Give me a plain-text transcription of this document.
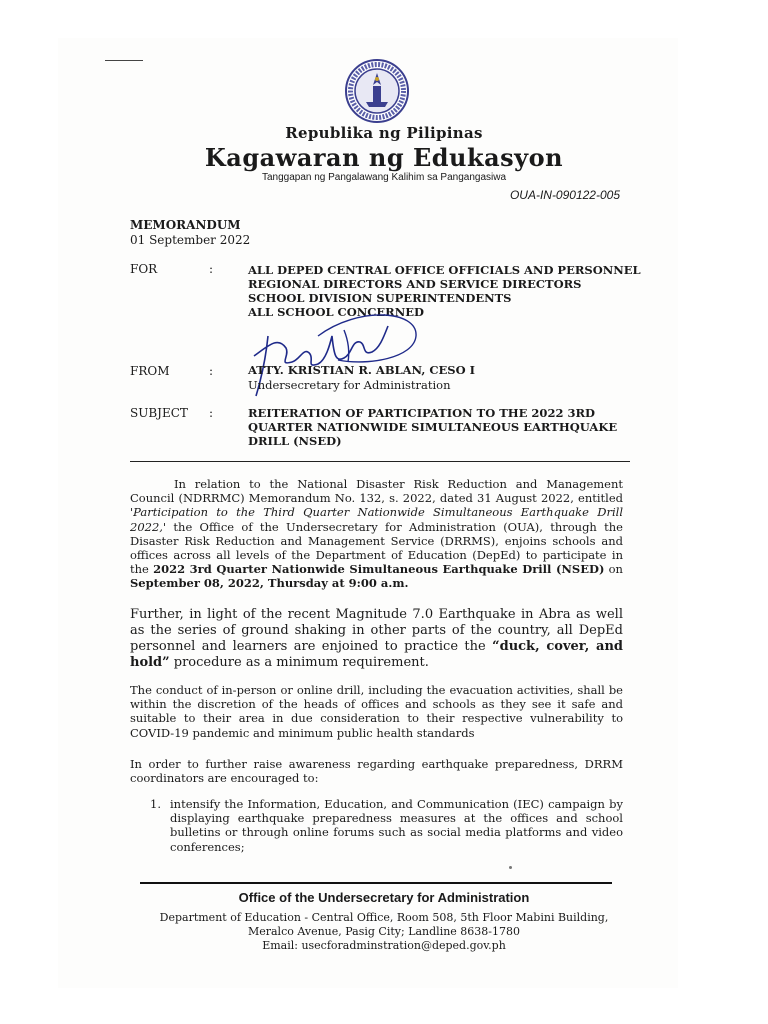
Republika ng Pilipinas
Kagawaran ng Edukasyon
Tanggapan ng Pangalawang Kalihim sa Pangangasiwa
OUA-IN-090122-005
MEMORANDUM
01 September 2022
FOR	:	ALL DEPED CENTRAL OFFICE OFFICIALS AND PERSONNEL
REGIONAL DIRECTORS AND SERVICE DIRECTORS
SCHOOL DIVISION SUPERINTENDENTS
ALL SCHOOL CONCERNED
FROM	:	ATTY. KRISTIAN R. ABLAN, CESO I
Undersecretary for Administration
SUBJECT :	REITERATION OF PARTICIPATION TO THE 2022 3RD QUARTER NATIONWIDE SIMULTANEOUS EARTHQUAKE DRILL (NSED)
In relation to the National Disaster Risk Reduction and Management Council (NDRRMC) Memorandum No. 132, s. 2022, dated 31 August 2022, entitled 'Participation to the Third Quarter Nationwide Simultaneous Earthquake Drill 2022,' the Office of the Undersecretary for Administration (OUA), through the Disaster Risk Reduction and Management Service (DRRMS), enjoins schools and offices across all levels of the Department of Education (DepEd) to participate in the 2022 3rd Quarter Nationwide Simultaneous Earthquake Drill (NSED) on September 08, 2022, Thursday at 9:00 a.m.
Further, in light of the recent Magnitude 7.0 Earthquake in Abra as well as the series of ground shaking in other parts of the country, all DepEd personnel and learners are enjoined to practice the “duck, cover, and hold” procedure as a minimum requirement.
The conduct of in-person or online drill, including the evacuation activities, shall be within the discretion of the heads of offices and schools as they see it safe and suitable to their area in due consideration to their respective vulnerability to COVID-19 pandemic and minimum public health standards
In order to further raise awareness regarding earthquake preparedness, DRRM coordinators are encouraged to:
1. intensify the Information, Education, and Communication (IEC) campaign by displaying earthquake preparedness measures at the offices and school bulletins or through online forums such as social media platforms and video conferences;
Office of the Undersecretary for Administration
Department of Education - Central Office, Room 508, 5th Floor Mabini Building,
Meralco Avenue, Pasig City; Landline 8638-1780
Email: usecforadminstration@deped.gov.ph
